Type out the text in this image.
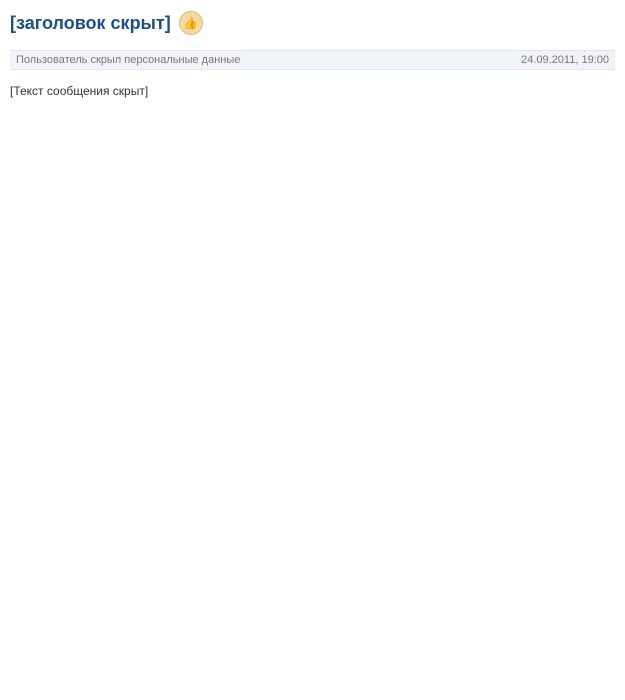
[заголовок скрыт]	👍
Пользователь скрыл персональные данные	24.09.2011, 19:00

[Текст сообщения скрыт]
